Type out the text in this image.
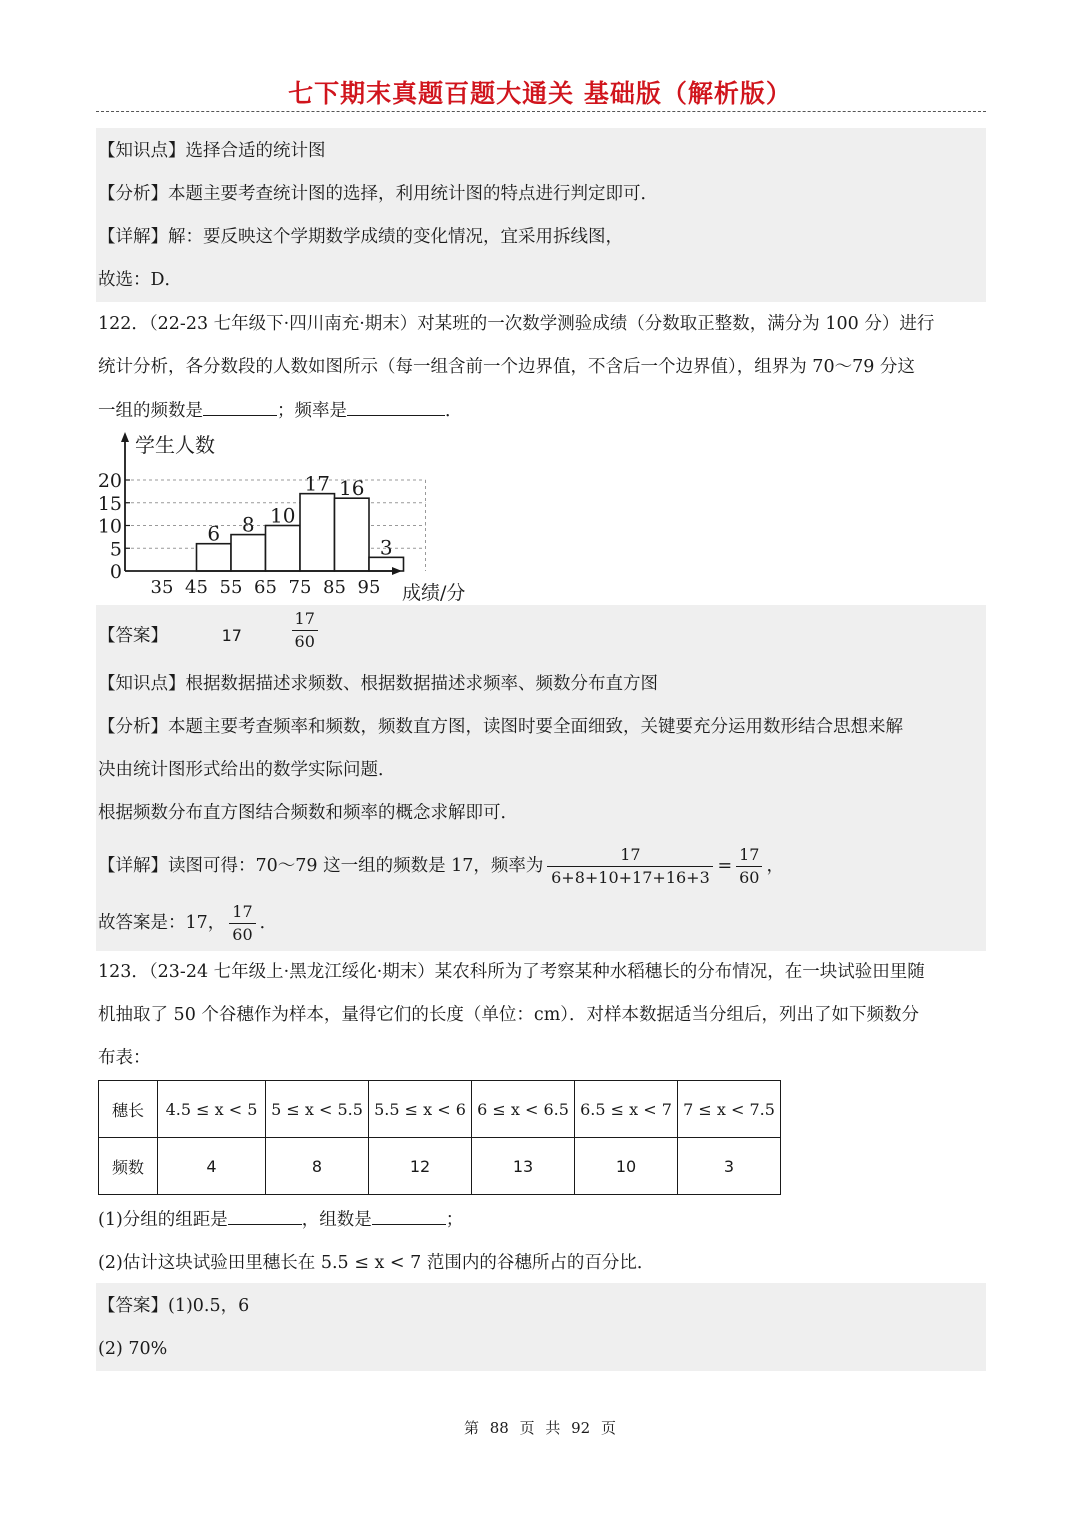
七下期末真题百题大通关 基础版（解析版）
【知识点】选择合适的统计图
【分析】本题主要考查统计图的选择，利用统计图的特点进行判定即可．
【详解】解：要反映这个学期数学成绩的变化情况，宜采用拆线图，
故选：D．
122．（22-23 七年级下·四川南充·期末）对某班的一次数学测验成绩（分数取正整数，满分为 100 分）进行
统计分析，各分数段的人数如图所示（每一组含前一个边界值，不含后一个边界值），组界为 70～79 分这
一组的频数是	；频率是	．
6 8 10
17 16
3
0
5
10
15
20
35 45 55 65 75 85 95
学生人数
成绩/分
【答案】	17	$\frac{17}{60}$
【知识点】根据数据描述求频数、根据数据描述求频率、频数分布直方图
【分析】本题主要考查频率和频数，频数直方图，读图时要全面细致，关键要充分运用数形结合思想来解
决由统计图形式给出的数学实际问题．
根据频数分布直方图结合频数和频率的概念求解即可．
【详解】读图可得：70～79 这一组的频数是 17，频率为 $\frac{17}{6+8+10+17+16+3} = \frac{17}{60}$ ，
故答案是：17， $\frac{17}{60}$ ．
123．（23-24 七年级上·黑龙江绥化·期末）某农科所为了考察某种水稻穗长的分布情况，在一块试验田里随
机抽取了 50 个谷穗作为样本，量得它们的长度（单位：cm）．对样本数据适当分组后，列出了如下频数分
布表：
穗长	4.5 ≤ x < 5	5 ≤ x < 5.5	5.5 ≤ x < 6	6 ≤ x < 6.5	6.5 ≤ x < 7	7 ≤ x < 7.5
频数	4	8	12	13	10	3
(1)分组的组距是	，组数是	；
(2)估计这块试验田里穗长在 5.5 ≤ x < 7 范围内的谷穗所占的百分比．
【答案】(1)0.5，6
(2) 70%
第 88 页 共 92 页
